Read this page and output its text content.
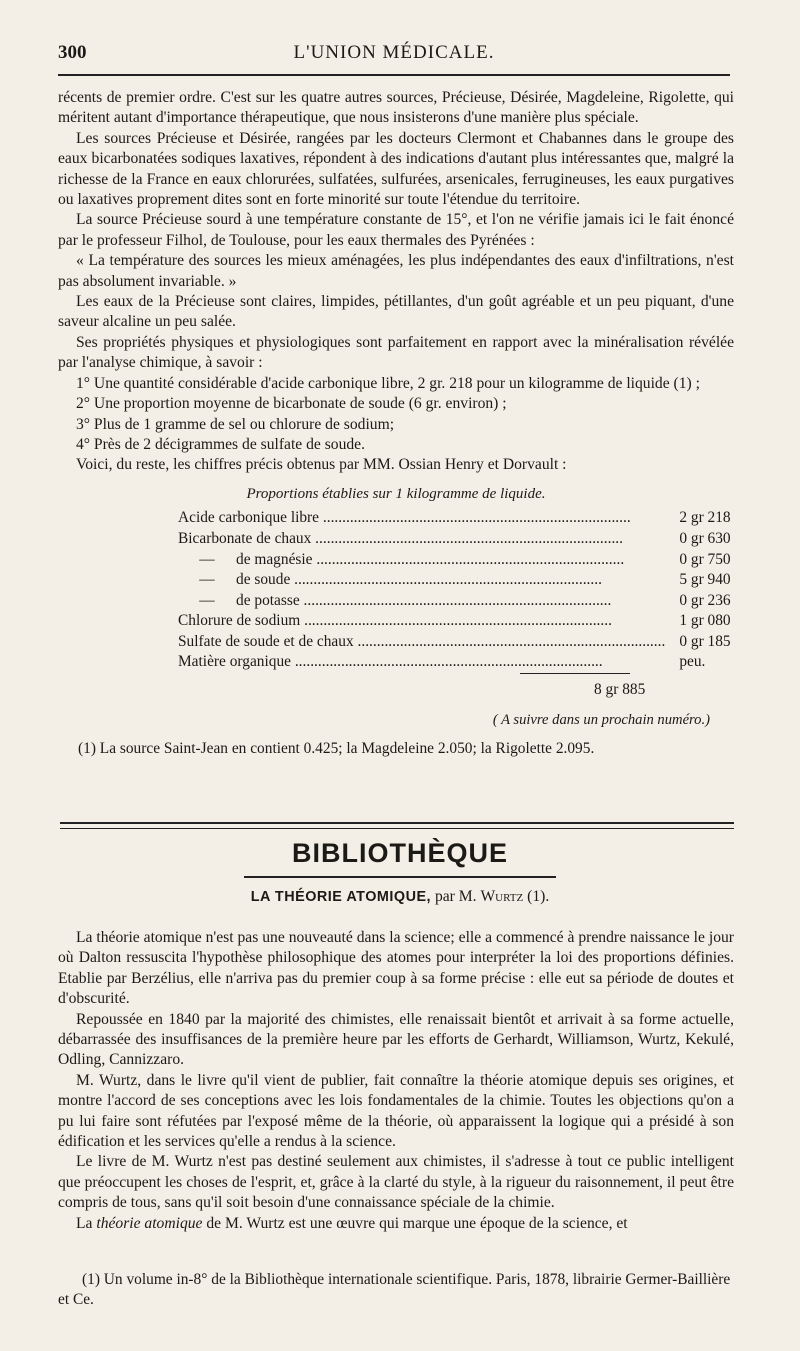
300	L'UNION MÉDICALE.

récents de premier ordre. C'est sur les quatre autres sources, Précieuse, Désirée, Magdeleine, Rigolette, qui méritent autant d'importance thérapeutique, que nous insisterons d'une manière plus spéciale.

Les sources Précieuse et Désirée, rangées par les docteurs Clermont et Chabannes dans le groupe des eaux bicarbonatées sodiques laxatives, répondent à des indications d'autant plus intéressantes que, malgré la richesse de la France en eaux chlorurées, sulfatées, sulfurées, arsenicales, ferrugineuses, les eaux purgatives ou laxatives proprement dites sont en forte minorité sur toute l'étendue du territoire.

La source Précieuse sourd à une température constante de 15°, et l'on ne vérifie jamais ici le fait énoncé par le professeur Filhol, de Toulouse, pour les eaux thermales des Pyrénées :

« La température des sources les mieux aménagées, les plus indépendantes des eaux d'infiltrations, n'est pas absolument invariable. »

Les eaux de la Précieuse sont claires, limpides, pétillantes, d'un goût agréable et un peu piquant, d'une saveur alcaline un peu salée.

Ses propriétés physiques et physiologiques sont parfaitement en rapport avec la minéralisation révélée par l'analyse chimique, à savoir :

1° Une quantité considérable d'acide carbonique libre, 2 gr. 218 pour un kilogramme de liquide (1) ;

2° Une proportion moyenne de bicarbonate de soude (6 gr. environ) ;

3° Plus de 1 gramme de sel ou chlorure de sodium;

4° Près de 2 décigrammes de sulfate de soude.

Voici, du reste, les chiffres précis obtenus par MM. Ossian Henry et Dorvault :

Proportions établies sur 1 kilogramme de liquide.
Acide carbonique libre ................................................................................	2 gr 218
Bicarbonate de chaux ................................................................................	0 gr 630
— de magnésie ................................................................................	0 gr 750
— de soude ................................................................................	5 gr 940
— de potasse ................................................................................	0 gr 236
Chlorure de sodium ................................................................................	1 gr 080
Sulfate de soude et de chaux ................................................................................	0 gr 185
Matière organique ................................................................................	peu.
8 gr 885
( A suivre dans un prochain numéro.)
(1) La source Saint-Jean en contient 0.425; la Magdeleine 2.050; la Rigolette 2.095.
BIBLIOTHÈQUE
LA THÉORIE ATOMIQUE, par M. Wurtz (1).

La théorie atomique n'est pas une nouveauté dans la science; elle a commencé à prendre naissance le jour où Dalton ressuscita l'hypothèse philosophique des atomes pour interpréter la loi des proportions définies. Etablie par Berzélius, elle n'arriva pas du premier coup à sa forme précise : elle eut sa période de doutes et d'obscurité.

Repoussée en 1840 par la majorité des chimistes, elle renaissait bientôt et arrivait à sa forme actuelle, débarrassée des insuffisances de la première heure par les efforts de Gerhardt, Williamson, Wurtz, Kekulé, Odling, Cannizzaro.

M. Wurtz, dans le livre qu'il vient de publier, fait connaître la théorie atomique depuis ses origines, et montre l'accord de ses conceptions avec les lois fondamentales de la chimie. Toutes les objections qu'on a pu lui faire sont réfutées par l'exposé même de la théorie, où apparaissent la logique qui a présidé à son édification et les services qu'elle a rendus à la science.

Le livre de M. Wurtz n'est pas destiné seulement aux chimistes, il s'adresse à tout ce public intelligent que préoccupent les choses de l'esprit, et, grâce à la clarté du style, à la rigueur du raisonnement, il peut être compris de tous, sans qu'il soit besoin d'une connaissance spéciale de la chimie.

La théorie atomique de M. Wurtz est une œuvre qui marque une époque de la science, et

(1) Un volume in-8° de la Bibliothèque internationale scientifique. Paris, 1878, librairie Germer-Baillière et Ce.
